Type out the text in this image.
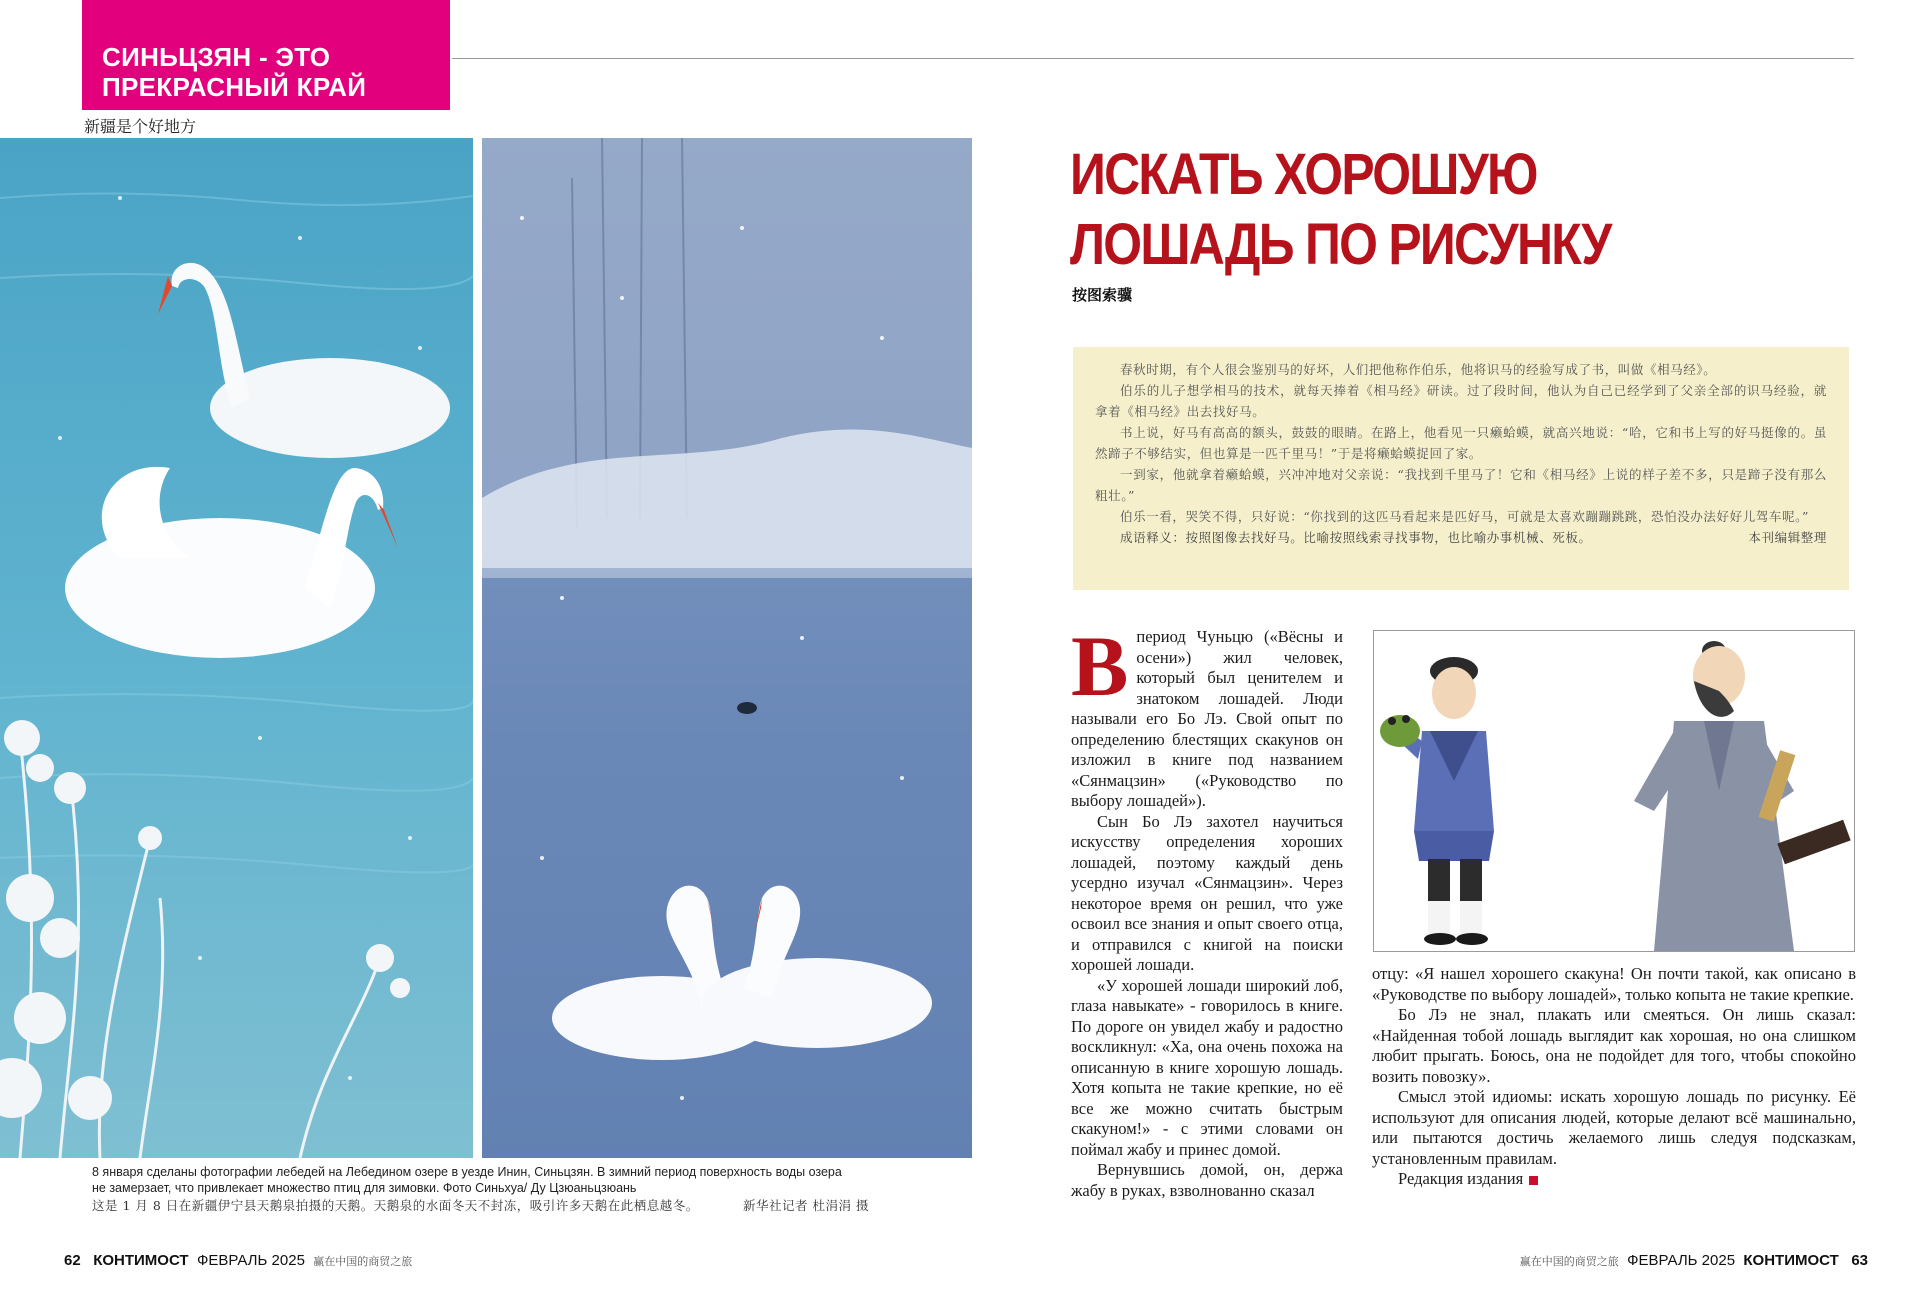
СИНЬЦЗЯН - ЭТО
ПРЕКРАСНЫЙ КРАЙ
新疆是个好地方
8 января сделаны фотографии лебедей на Лебедином озере в уезде Инин, Синьцзян. В зимний период поверхность воды озера не замерзает, что привлекает множество птиц для зимовки. Фото Синьхуа/ Ду Цзюаньцзюань
这是 1 月 8 日在新疆伊宁县天鹅泉拍摄的天鹅。天鹅泉的水面冬天不封冻，吸引许多天鹅在此栖息越冬。	新华社记者 杜涓涓 摄
62 КОНТИМОСТ ФЕВРАЛЬ 2025 赢在中国的商贸之旅	赢在中国的商贸之旅 ФЕВРАЛЬ 2025 КОНТИМОСТ 63
ИСКАТЬ ХОРОШУЮ ЛОШАДЬ ПО РИСУНКУ
按图索骥

春秋时期，有个人很会鉴别马的好坏，人们把他称作伯乐，他将识马的经验写成了书，叫做《相马经》。

伯乐的儿子想学相马的技术，就每天捧着《相马经》研读。过了段时间，他认为自己已经学到了父亲全部的识马经验，就拿着《相马经》出去找好马。

书上说，好马有高高的额头，鼓鼓的眼睛。在路上，他看见一只癞蛤蟆，就高兴地说：“哈，它和书上写的好马挺像的。虽然蹄子不够结实，但也算是一匹千里马！”于是将癞蛤蟆捉回了家。

一到家，他就拿着癞蛤蟆，兴冲冲地对父亲说：“我找到千里马了！它和《相马经》上说的样子差不多，只是蹄子没有那么粗壮。”

伯乐一看，哭笑不得，只好说：“你找到的这匹马看起来是匹好马，可就是太喜欢蹦蹦跳跳，恐怕没办法好好儿驾车呢。”

成语释义：按照图像去找好马。比喻按照线索寻找事物，也比喻办事机械、死板。	本刊编辑整理

Впериод Чуньцю («Вёсны и осени») жил человек, который был ценителем и знатоком лошадей. Люди называли его Бо Лэ. Свой опыт по определению блестящих скакунов он изложил в книге под названием «Сянмацзин» («Руководство по выбору лошадей»).

Сын Бо Лэ захотел научиться искусству определения хороших лошадей, поэтому каждый день усердно изучал «Сянмацзин». Через некоторое время он решил, что уже освоил все знания и опыт своего отца, и отправился с книгой на поиски хорошей лошади.

«У хорошей лошади широкий лоб, глаза навыкате» - говорилось в книге. По дороге он увидел жабу и радостно воскликнул: «Ха, она очень похожа на описанную в книге хорошую лошадь. Хотя копыта не такие крепкие, но её все же можно считать быстрым скакуном!» - с этими словами он поймал жабу и принес домой.

Вернувшись домой, он, держа жабу в руках, взволнованно сказал

отцу: «Я нашел хорошего скакуна! Он почти такой, как описано в «Руководстве по выбору лошадей», только копыта не такие крепкие.

Бо Лэ не знал, плакать или смеяться. Он лишь сказал: «Найденная тобой лошадь выглядит как хорошая, но она слишком любит прыгать. Боюсь, она не подойдет для того, чтобы спокойно возить повозку».

Смысл этой идиомы: искать хорошую лошадь по рисунку. Её используют для описания людей, которые делают всё машинально, или пытаются достичь желаемого лишь следуя подсказкам, установленным правилам.

Редакция издания
